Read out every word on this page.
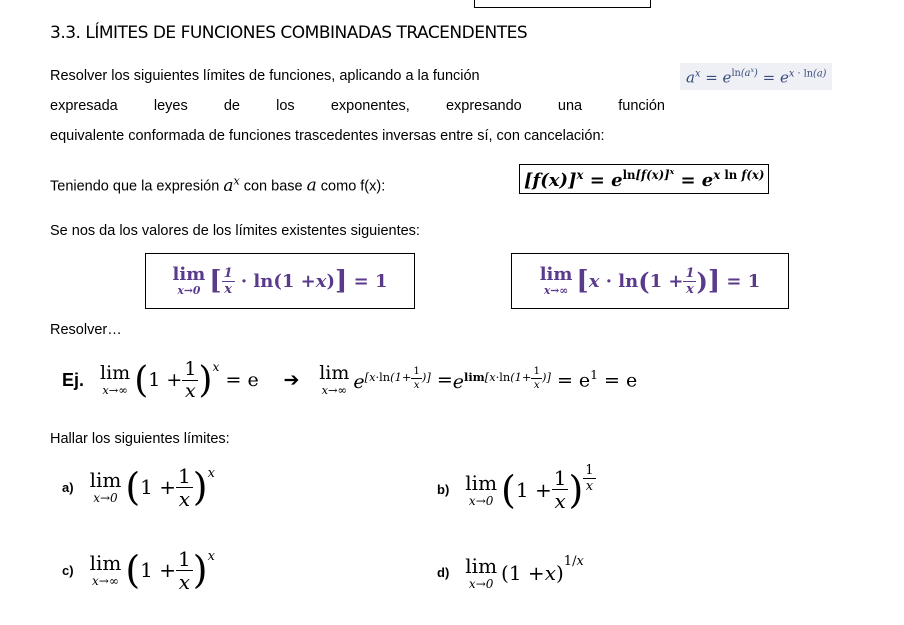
3.3. LÍMITES DE FUNCIONES COMBINADAS TRACENDENTES
Resolver los siguientes límites de funciones, aplicando a la función
expresada leyes de los exponentes, expresando una función
equivalente conformada de funciones trascedentes inversas entre sí, con cancelación:
$a^x = e^{ln(a^x)} = e^{x \cdot ln(a)}$
Teniendo que la expresión $a^x$ con base a como f(x):	$[f(x)]^x = e^{ln[f(x)]^x} = e^{x ln f(x)}$
Se nos da los valores de los límites existentes siguientes:
lim
x→0 [ $\frac{1}{x} \cdot \ln(1 + x$ ) ] = 1	lim
x→∞ [ x · ln ( $1 + \frac{1}{x}$ ) ] = 1
Resolver…
Ej. lim
x→∞ ( $1 + \frac{1}{x} )^x$
= e ➔ lim
x→∞ $e[x\cdot\ln(1+ 1 x )] = e^{lim[x\cdot ln(1+ \frac{1}{x} )]} = e^1 = e$
Hallar los siguientes límites:
a) lim
x→0 ( $1 + \frac{1}{x} )^x$
b) lim
x→0 ( $1 + \frac{1}{x}$ ) $\frac{1}{x}$
c) lim
x→∞ ( $1 + \frac{1}{x} )^x$
d) lim
x→0 (1 + x ) $^{1/x}$
